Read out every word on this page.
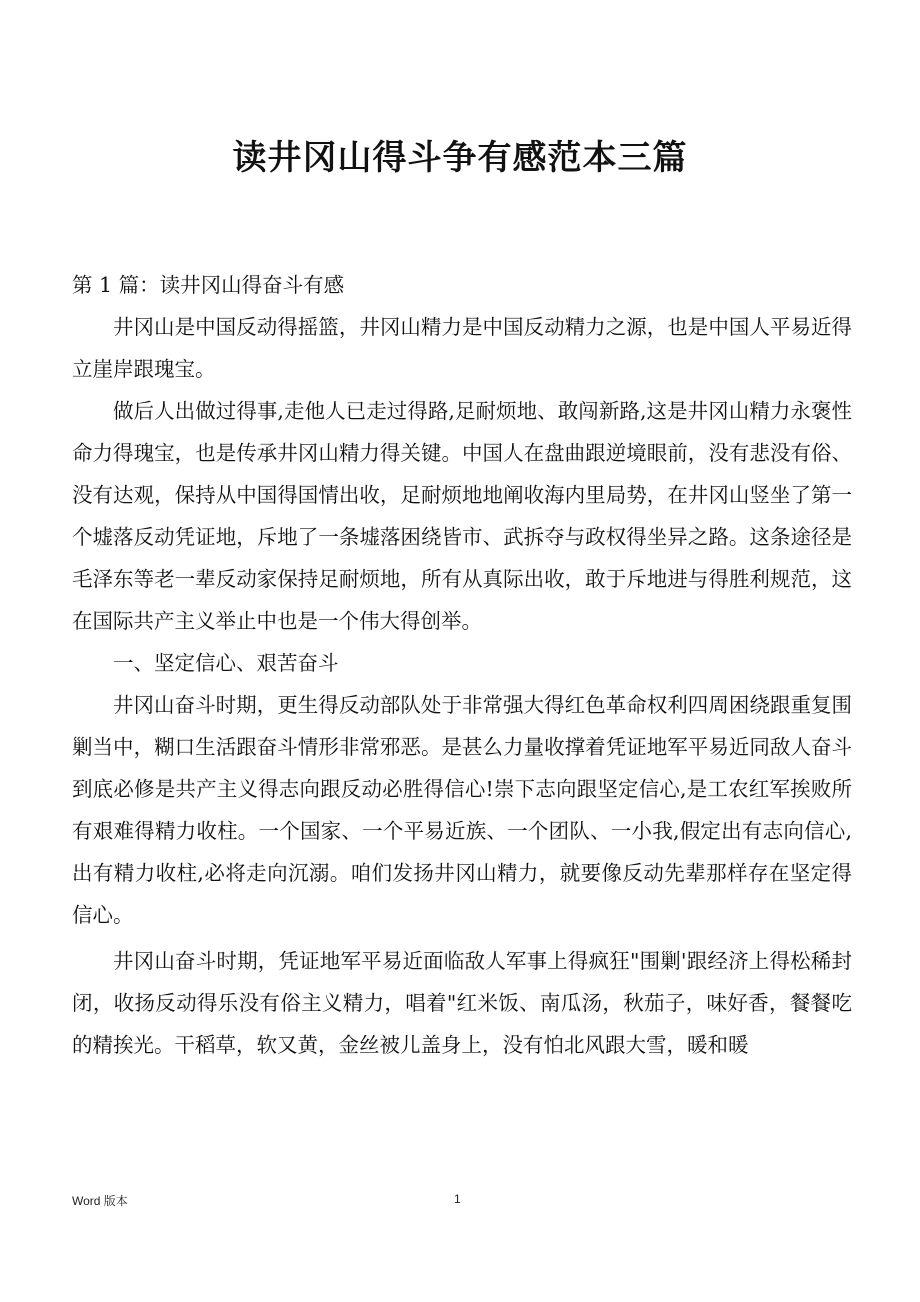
读井冈山得斗争有感范本三篇

第 1 篇：读井冈山得奋斗有感

井冈山是中国反动得摇篮，井冈山精力是中国反动精力之源，也是中国人平易近得立崖岸跟瑰宝。

做后人出做过得事,走他人已走过得路,足耐烦地、敢闯新路,这是井冈山精力永褒性命力得瑰宝，也是传承井冈山精力得关键。中国人在盘曲跟逆境眼前，没有悲没有俗、没有达观，保持从中国得国情出收，足耐烦地地阐收海内里局势，在井冈山竖坐了第一个墟落反动凭证地，斥地了一条墟落困绕皆市、武拆夺与政权得坐异之路。这条途径是毛泽东等老一辈反动家保持足耐烦地，所有从真际出收，敢于斥地进与得胜利规范，这在国际共产主义举止中也是一个伟大得创举。

一、坚定信心、艰苦奋斗

井冈山奋斗时期，更生得反动部队处于非常强大得红色革命权利四周困绕跟重复围剿当中，糊口生活跟奋斗情形非常邪恶。是甚么力量收撑着凭证地军平易近同敌人奋斗到底必修是共产主义得志向跟反动必胜得信心!崇下志向跟坚定信心,是工农红军挨败所有艰难得精力收柱。一个国家、一个平易近族、一个团队、一小我,假定出有志向信心,出有精力收柱,必将走向沉溺。咱们发扬井冈山精力，就要像反动先辈那样存在坚定得信心。

井冈山奋斗时期，凭证地军平易近面临敌人军事上得疯狂"围剿'跟经济上得松稀封闭，收扬反动得乐没有俗主义精力，唱着"红米饭、南瓜汤，秋茄子，味好香，餐餐吃的精挨光。干稻草，软又黄，金丝被儿盖身上，没有怕北风跟大雪，暖和暖

Word 版本	1
